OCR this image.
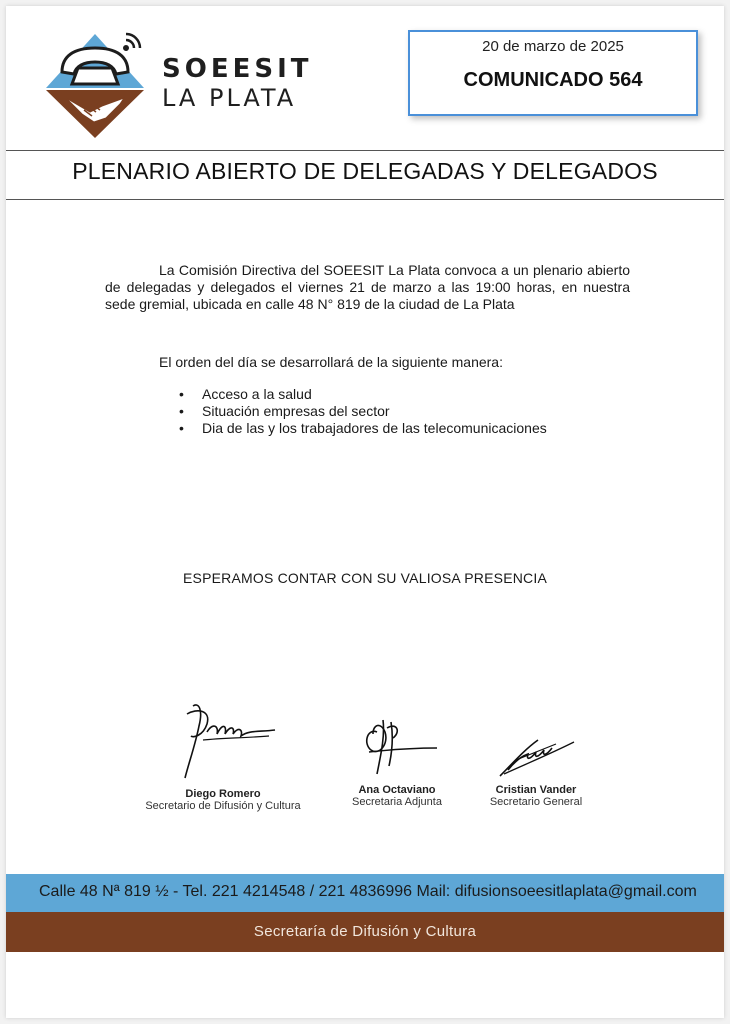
SOEESIT
LA PLATA
20 de marzo de 2025
COMUNICADO 564
PLENARIO ABIERTO DE DELEGADAS Y DELEGADOS
La Comisión Directiva del SOEESIT La Plata convoca a un plenario abierto de delegadas y delegados el viernes 21 de marzo a las 19:00 horas, en nuestra sede gremial, ubicada en calle 48 N° 819 de la ciudad de La Plata
El orden del día se desarrollará de la siguiente manera:
• Acceso a la salud
• Situación empresas del sector
• Dia de las y los trabajadores de las telecomunicaciones
ESPERAMOS CONTAR CON SU VALIOSA PRESENCIA
Diego Romero
Secretario de Difusión y Cultura
Ana Octaviano
Secretaria Adjunta
Cristian Vander
Secretario General
Calle 48 Nª 819 ½ - Tel. 221 4214548 / 221 4836996 Mail: difusionsoeesitlaplata@gmail.com
Secretaría de Difusión y Cultura
